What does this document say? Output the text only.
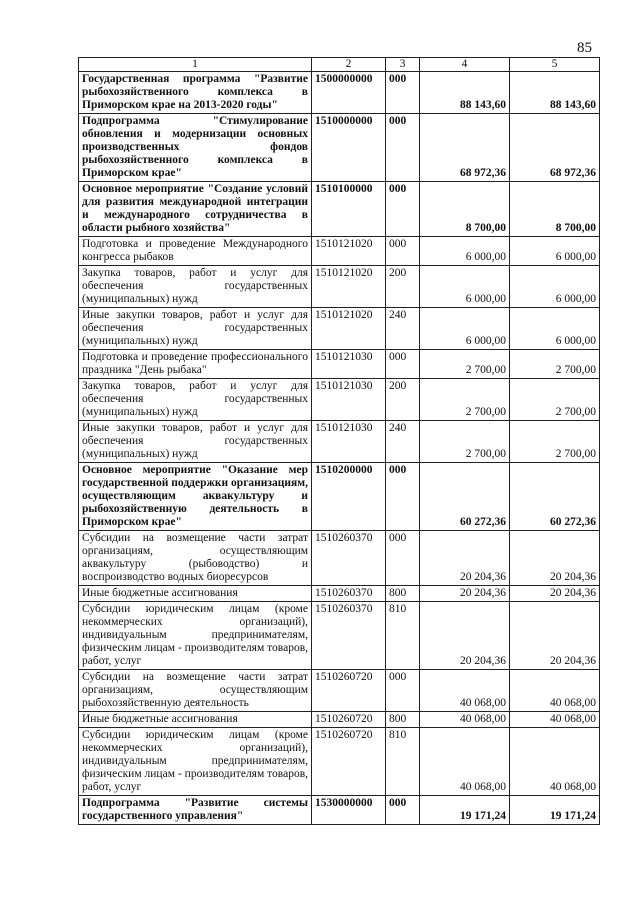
85
1	2	3	4	5
Государственная программа "Развитие рыбохозяйственного комплекса в Приморском крае на 2013-2020 годы"	1500000000	000	88 143,60	88 143,60
Подпрограмма "Стимулирование обновления и модернизации основных производственных фондов рыбохозяйственного комплекса в Приморском крае"	1510000000	000	68 972,36	68 972,36
Основное мероприятие "Создание условий для развития международной интеграции и международного сотрудничества в области рыбного хозяйства"	1510100000	000	8 700,00	8 700,00
Подготовка и проведение Международного конгресса рыбаков	1510121020	000	6 000,00	6 000,00
Закупка товаров, работ и услуг для обеспечения государственных (муниципальных) нужд	1510121020	200	6 000,00	6 000,00
Иные закупки товаров, работ и услуг для обеспечения государственных (муниципальных) нужд	1510121020	240	6 000,00	6 000,00
Подготовка и проведение профессионального праздника "День рыбака"	1510121030	000	2 700,00	2 700,00
Закупка товаров, работ и услуг для обеспечения государственных (муниципальных) нужд	1510121030	200	2 700,00	2 700,00
Иные закупки товаров, работ и услуг для обеспечения государственных (муниципальных) нужд	1510121030	240	2 700,00	2 700,00
Основное мероприятие "Оказание мер государственной поддержки организациям, осуществляющим аквакультуру и рыбохозяйственную деятельность в Приморском крае"	1510200000	000	60 272,36	60 272,36
Субсидии на возмещение части затрат организациям, осуществляющим аквакультуру (рыбоводство) и воспроизводство водных биоресурсов	1510260370	000	20 204,36	20 204,36
Иные бюджетные ассигнования	1510260370	800	20 204,36	20 204,36
Субсидии юридическим лицам (кроме некоммерческих организаций), индивидуальным предпринимателям, физическим лицам - производителям товаров, работ, услуг	1510260370	810	20 204,36	20 204,36
Субсидии на возмещение части затрат организациям, осуществляющим рыбохозяйственную деятельность	1510260720	000	40 068,00	40 068,00
Иные бюджетные ассигнования	1510260720	800	40 068,00	40 068,00
Субсидии юридическим лицам (кроме некоммерческих организаций), индивидуальным предпринимателям, физическим лицам - производителям товаров, работ, услуг	1510260720	810	40 068,00	40 068,00
Подпрограмма "Развитие системы государственного управления"	1530000000	000	19 171,24	19 171,24
